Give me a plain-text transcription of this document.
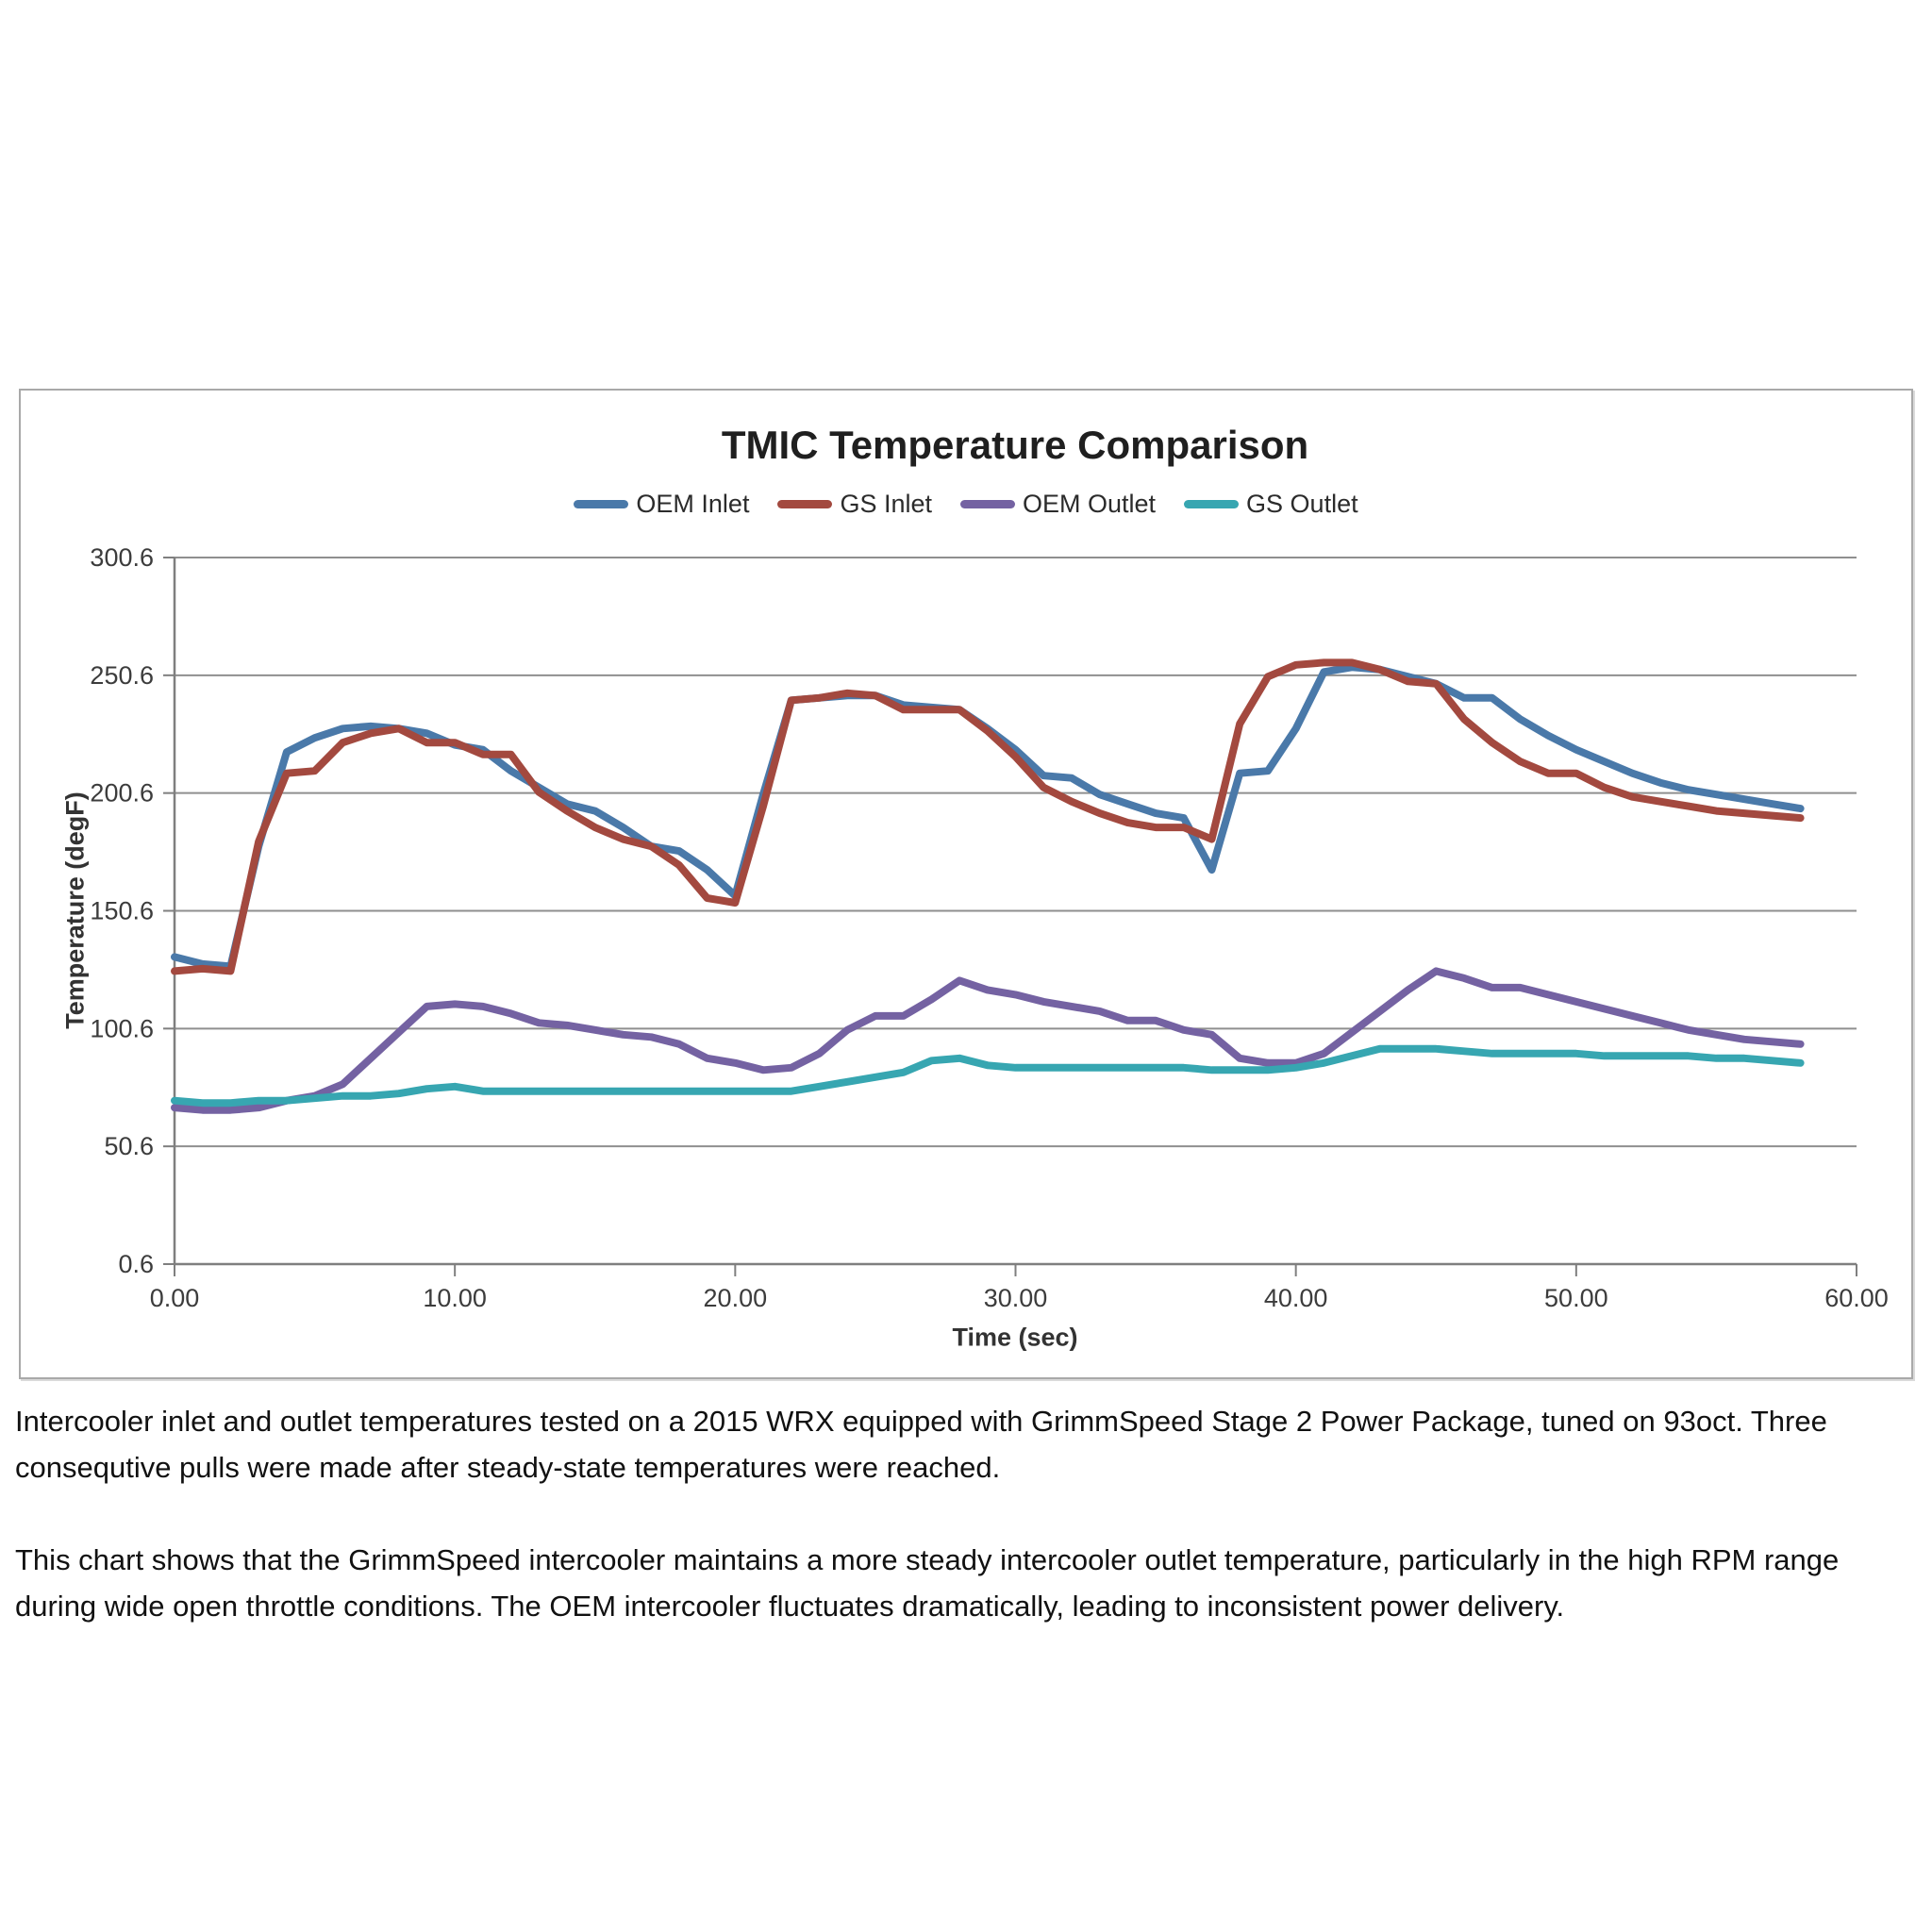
TMIC Temperature Comparison
OEM Inlet	GS Inlet	OEM Outlet	GS Outlet
0.6
50.6
100.6
150.6
200.6
250.6
300.6
0.00	10.00	20.00	30.00	40.00	50.00	60.00
Temperature (degF)
Time (sec)

Intercooler inlet and outlet temperatures tested on a 2015 WRX equipped with GrimmSpeed Stage 2 Power Package, tuned on 93oct. Three consequtive pulls were made after steady-state temperatures were reached.

This chart shows that the GrimmSpeed intercooler maintains a more steady intercooler outlet temperature, particularly in the high RPM range during wide open throttle conditions. The OEM intercooler fluctuates dramatically, leading to inconsistent power delivery.
